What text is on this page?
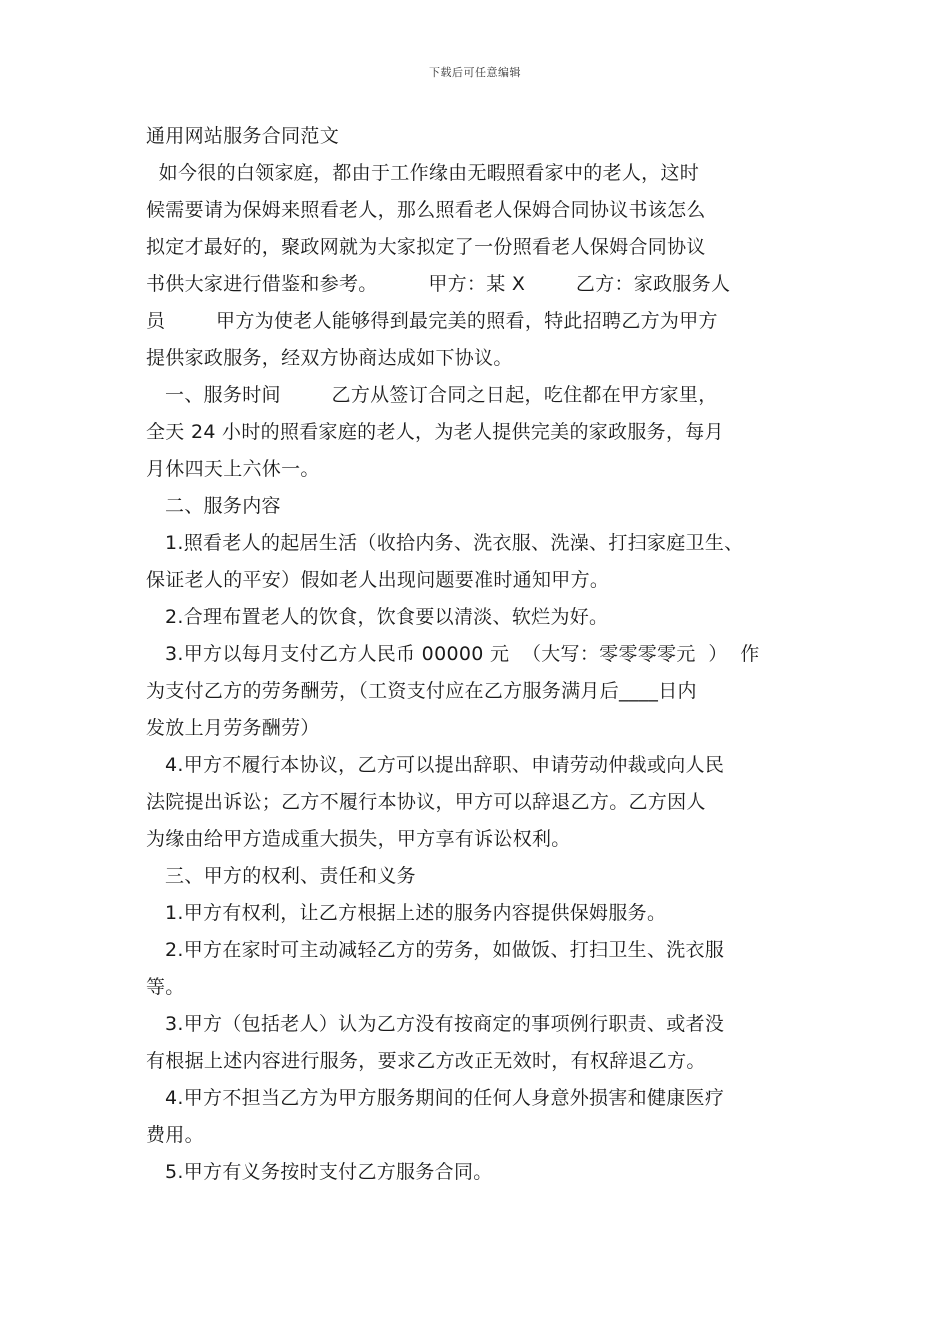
下载后可任意编辑

通用网站服务合同范文

如今很的白领家庭，都由于工作缘由无暇照看家中的老人，这时
候需要请为保姆来照看老人，那么照看老人保姆合同协议书该怎么
拟定才最好的，聚政网就为大家拟定了一份照看老人保姆合同协议
书供大家进行借鉴和参考。        甲方：某 X        乙方：家政服务人
员        甲方为使老人能够得到最完美的照看，特此招聘乙方为甲方
提供家政服务，经双方协商达成如下协议。

一、服务时间        乙方从签订合同之日起，吃住都在甲方家里，
全天 24 小时的照看家庭的老人，为老人提供完美的家政服务，每月
月休四天上六休一。

二、服务内容

1.照看老人的起居生活（收拾内务、洗衣服、洗澡、打扫家庭卫生、
保证老人的平安）假如老人出现问题要准时通知甲方。

2.合理布置老人的饮食，饮食要以清淡、软烂为好。

3.甲方以每月支付乙方人民币 00000 元  （大写：零零零零元  ）  作
为支付乙方的劳务酬劳，（工资支付应在乙方服务满月后____日内
发放上月劳务酬劳）

4.甲方不履行本协议，乙方可以提出辞职、申请劳动仲裁或向人民
法院提出诉讼；乙方不履行本协议，甲方可以辞退乙方。乙方因人
为缘由给甲方造成重大损失，甲方享有诉讼权利。

三、甲方的权利、责任和义务

1.甲方有权利，让乙方根据上述的服务内容提供保姆服务。

2.甲方在家时可主动减轻乙方的劳务，如做饭、打扫卫生、洗衣服
等。

3.甲方（包括老人）认为乙方没有按商定的事项例行职责、或者没
有根据上述内容进行服务，要求乙方改正无效时，有权辞退乙方。

4.甲方不担当乙方为甲方服务期间的任何人身意外损害和健康医疗
费用。

5.甲方有义务按时支付乙方服务合同。
